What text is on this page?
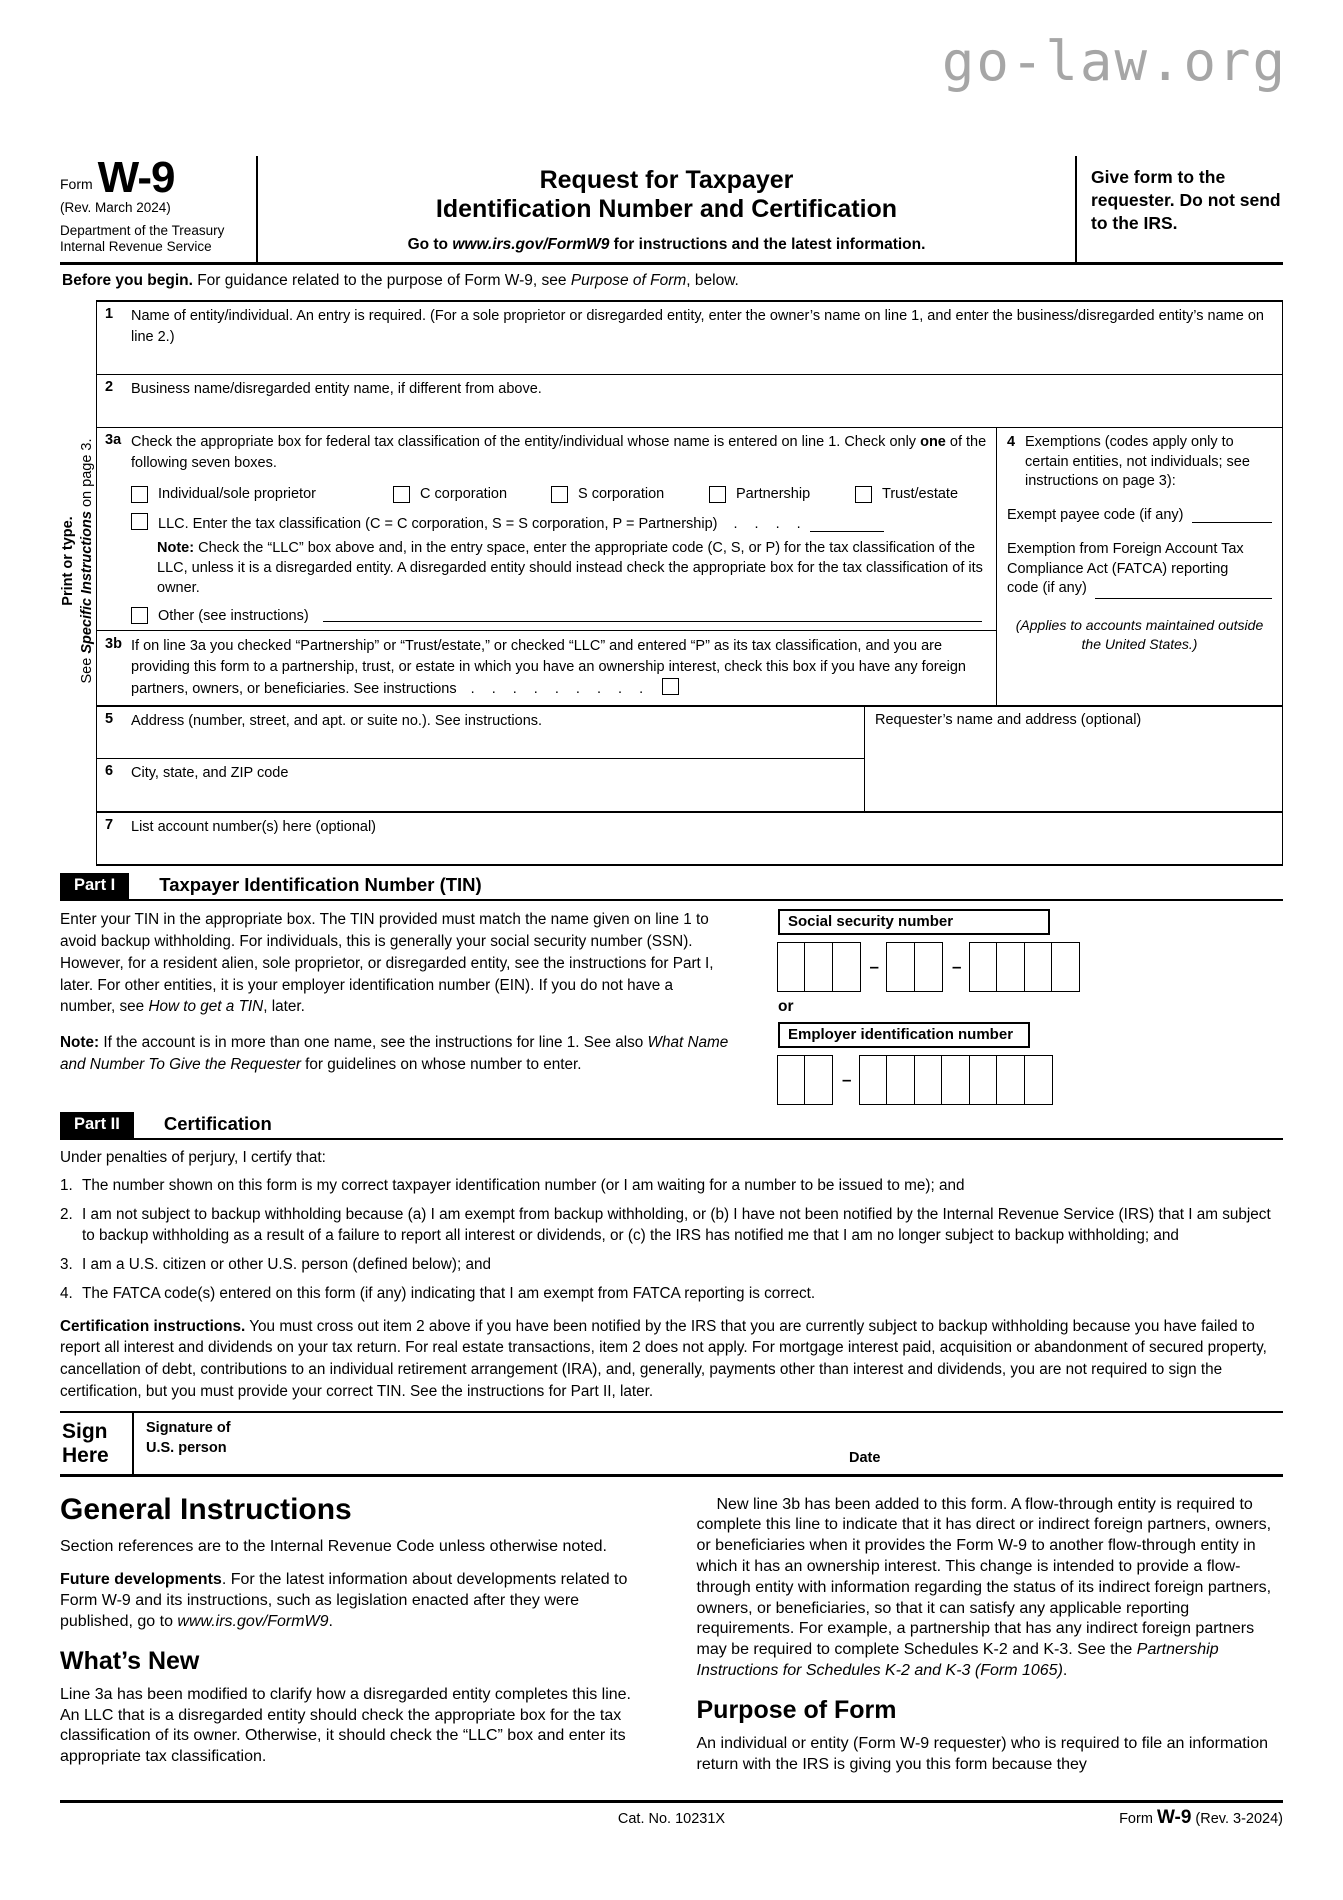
go-law.org
Form W-9
(Rev. March 2024)
Department of the Treasury
Internal Revenue Service
Request for Taxpayer
Identification Number and Certification
Go to www.irs.gov/FormW9 for instructions and the latest information.
Give form to the requester. Do not send to the IRS.
Before you begin. For guidance related to the purpose of Form W-9, see Purpose of Form, below.
Print or type.
See Specific Instructions on page 3.
1	Name of entity/individual. An entry is required. (For a sole proprietor or disregarded entity, enter the owner’s name on line 1, and enter the business/disregarded entity’s name on line 2.)
2	Business name/disregarded entity name, if different from above.
3a Check the appropriate box for federal tax classification of the entity/individual whose name is entered on line 1. Check only one of the following seven boxes.
Individual/sole proprietor	C corporation	S corporation	Partnership	Trust/estate
LLC. Enter the tax classification (C = C corporation, S = S corporation, P = Partnership) . . . .
Note: Check the “LLC” box above and, in the entry space, enter the appropriate code (C, S, or P) for the tax classification of the LLC, unless it is a disregarded entity. A disregarded entity should instead check the appropriate box for the tax classification of its owner.
Other (see instructions)
3b If on line 3a you checked “Partnership” or “Trust/estate,” or checked “LLC” and entered “P” as its tax classification, and you are providing this form to a partnership, trust, or estate in which you have an ownership interest, check this box if you have any foreign partners, owners, or beneficiaries. See instructions . . . . . . . . .
4 Exemptions (codes apply only to certain entities, not individuals; see instructions on page 3):
Exempt payee code (if any)
Exemption from Foreign Account Tax Compliance Act (FATCA) reporting
code (if any)
(Applies to accounts maintained outside the United States.)
5	Address (number, street, and apt. or suite no.). See instructions.
6	City, state, and ZIP code
Requester’s name and address (optional)
7	List account number(s) here (optional)
Part I	Taxpayer Identification Number (TIN)

Enter your TIN in the appropriate box. The TIN provided must match the name given on line 1 to avoid backup withholding. For individuals, this is generally your social security number (SSN). However, for a resident alien, sole proprietor, or disregarded entity, see the instructions for Part I, later. For other entities, it is your employer identification number (EIN). If you do not have a number, see How to get a TIN, later.

Note: If the account is in more than one name, see the instructions for line 1. See also What Name and Number To Give the Requester for guidelines on whose number to enter.

Social security number
–	–
or
Employer identification number
–
Part II	Certification
Under penalties of perjury, I certify that:
1. The number shown on this form is my correct taxpayer identification number (or I am waiting for a number to be issued to me); and
2. I am not subject to backup withholding because (a) I am exempt from backup withholding, or (b) I have not been notified by the Internal Revenue Service (IRS) that I am subject to backup withholding as a result of a failure to report all interest or dividends, or (c) the IRS has notified me that I am no longer subject to backup withholding; and
3. I am a U.S. citizen or other U.S. person (defined below); and
4. The FATCA code(s) entered on this form (if any) indicating that I am exempt from FATCA reporting is correct.
Certification instructions. You must cross out item 2 above if you have been notified by the IRS that you are currently subject to backup withholding because you have failed to report all interest and dividends on your tax return. For real estate transactions, item 2 does not apply. For mortgage interest paid, acquisition or abandonment of secured property, cancellation of debt, contributions to an individual retirement arrangement (IRA), and, generally, payments other than interest and dividends, you are not required to sign the certification, but you must provide your correct TIN. See the instructions for Part II, later.
Sign
Here
Signature of
U.S. person
Date
General Instructions

Section references are to the Internal Revenue Code unless otherwise noted.

Future developments. For the latest information about developments related to Form W-9 and its instructions, such as legislation enacted after they were published, go to www.irs.gov/FormW9.

What’s New

Line 3a has been modified to clarify how a disregarded entity completes this line. An LLC that is a disregarded entity should check the appropriate box for the tax classification of its owner. Otherwise, it should check the “LLC” box and enter its appropriate tax classification.

New line 3b has been added to this form. A flow-through entity is required to complete this line to indicate that it has direct or indirect foreign partners, owners, or beneficiaries when it provides the Form W-9 to another flow-through entity in which it has an ownership interest. This change is intended to provide a flow-through entity with information regarding the status of its indirect foreign partners, owners, or beneficiaries, so that it can satisfy any applicable reporting requirements. For example, a partnership that has any indirect foreign partners may be required to complete Schedules K-2 and K-3. See the Partnership Instructions for Schedules K-2 and K-3 (Form 1065).

Purpose of Form

An individual or entity (Form W-9 requester) who is required to file an information return with the IRS is giving you this form because they

Cat. No. 10231X	Form W-9 (Rev. 3-2024)
